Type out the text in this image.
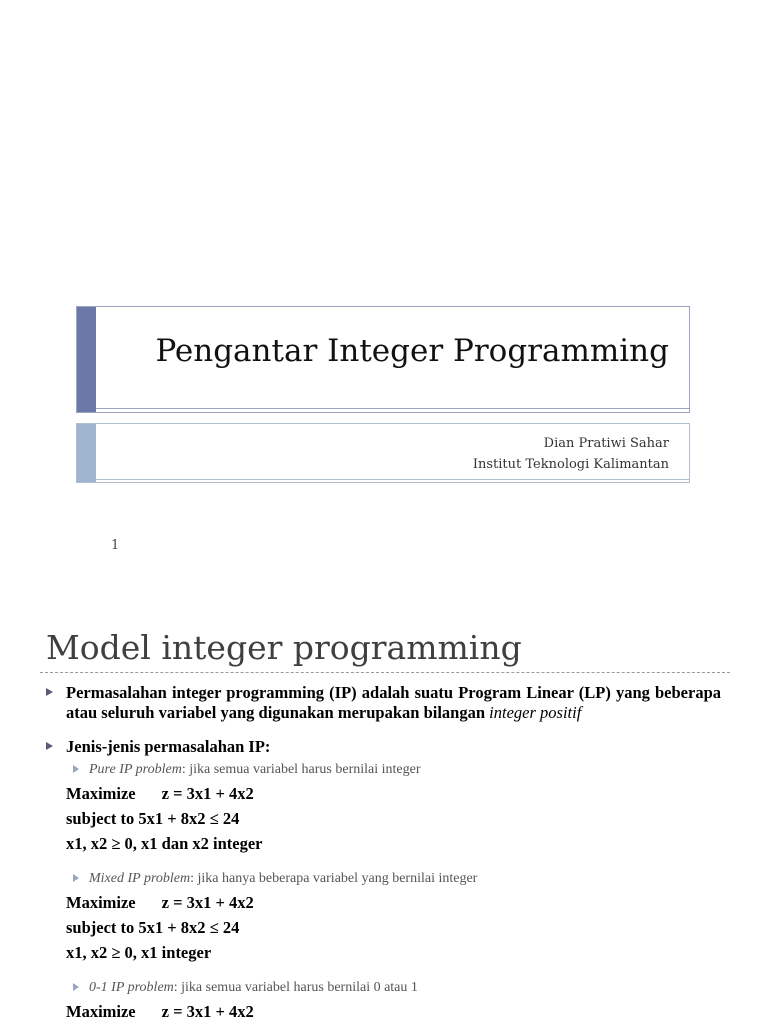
Pengantar Integer Programming
Dian Pratiwi Sahar
Institut Teknologi Kalimantan
1
Model integer programming
Permasalahan integer programming (IP) adalah suatu Program Linear (LP) yang beberapa atau seluruh variabel yang digunakan merupakan bilangan integer positif
Jenis-jenis permasalahan IP:
Pure IP problem: jika semua variabel harus bernilai integer
Maximize z = 3x1 + 4x2
subject to 5x1 + 8x2 ≤ 24
x1, x2 ≥ 0, x1 dan x2 integer
Mixed IP problem: jika hanya beberapa variabel yang bernilai integer
Maximize z = 3x1 + 4x2
subject to 5x1 + 8x2 ≤ 24
x1, x2 ≥ 0, x1 integer
0-1 IP problem: jika semua variabel harus bernilai 0 atau 1
Maximize z = 3x1 + 4x2
